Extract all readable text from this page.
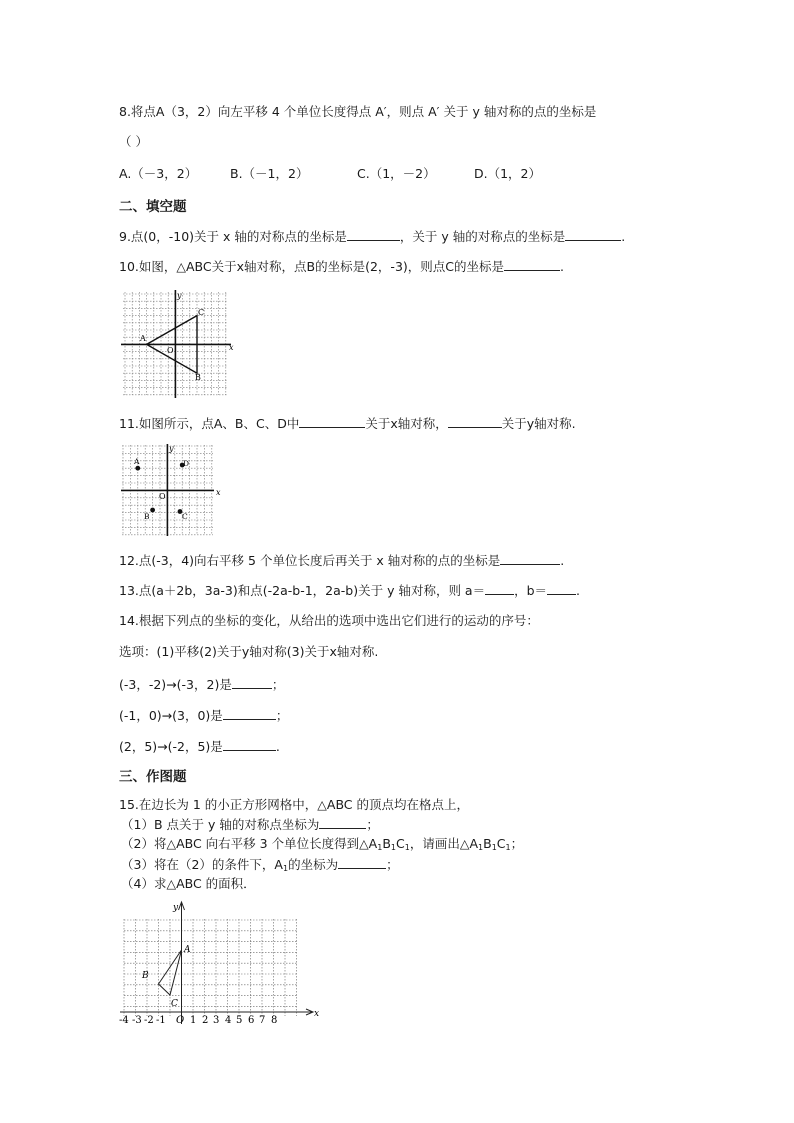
8.将点A（3，2）向左平移 4 个单位长度得点 A′，则点 A′ 关于 y 轴对称的点的坐标是
（ ）
A.（－3，2）	B.（－1，2）	C.（1，－2）	D.（1，2）
二、填空题
9.点(0，-10)关于 x 轴的对称点的坐标是	，关于 y 轴的对称点的坐标是	.
10.如图，△ABC关于x轴对称，点B的坐标是(2，-3)，则点C的坐标是	.
x
y
O
A
C
B
11.如图所示，点A、B、C、D中	关于x轴对称，	关于y轴对称.
x
y
O
A	D
B	C
12.点(-3，4)向右平移 5 个单位长度后再关于 x 轴对称的点的坐标是	.
13.点(a＋2b，3a-3)和点(-2a-b-1，2a-b)关于 y 轴对称，则 a＝ ，b＝ .
14.根据下列点的坐标的变化，从给出的选项中选出它们进行的运动的序号：
选项：(1)平移(2)关于y轴对称(3)关于x轴对称.
(-3，-2)→(-3，2)是	；
(-1，0)→(3，0)是	；
(2，5)→(-2，5)是	.
三、作图题
15.在边长为 1 的小正方形网格中，△ABC 的顶点均在格点上，
（1）B 点关于 y 轴的对称点坐标为	；
（2）将△ABC 向右平移 3 个单位长度得到$\triangle A_1B_1C_1$，请画出$\triangle A_1B_1C_1$；
（3）将在（2）的条件下，$A_1$的坐标为	；
（4）求△ABC 的面积．
x
y
A
B
C
O
-4 -3 -2 -1 1 2 3 4 5 6 7 8
